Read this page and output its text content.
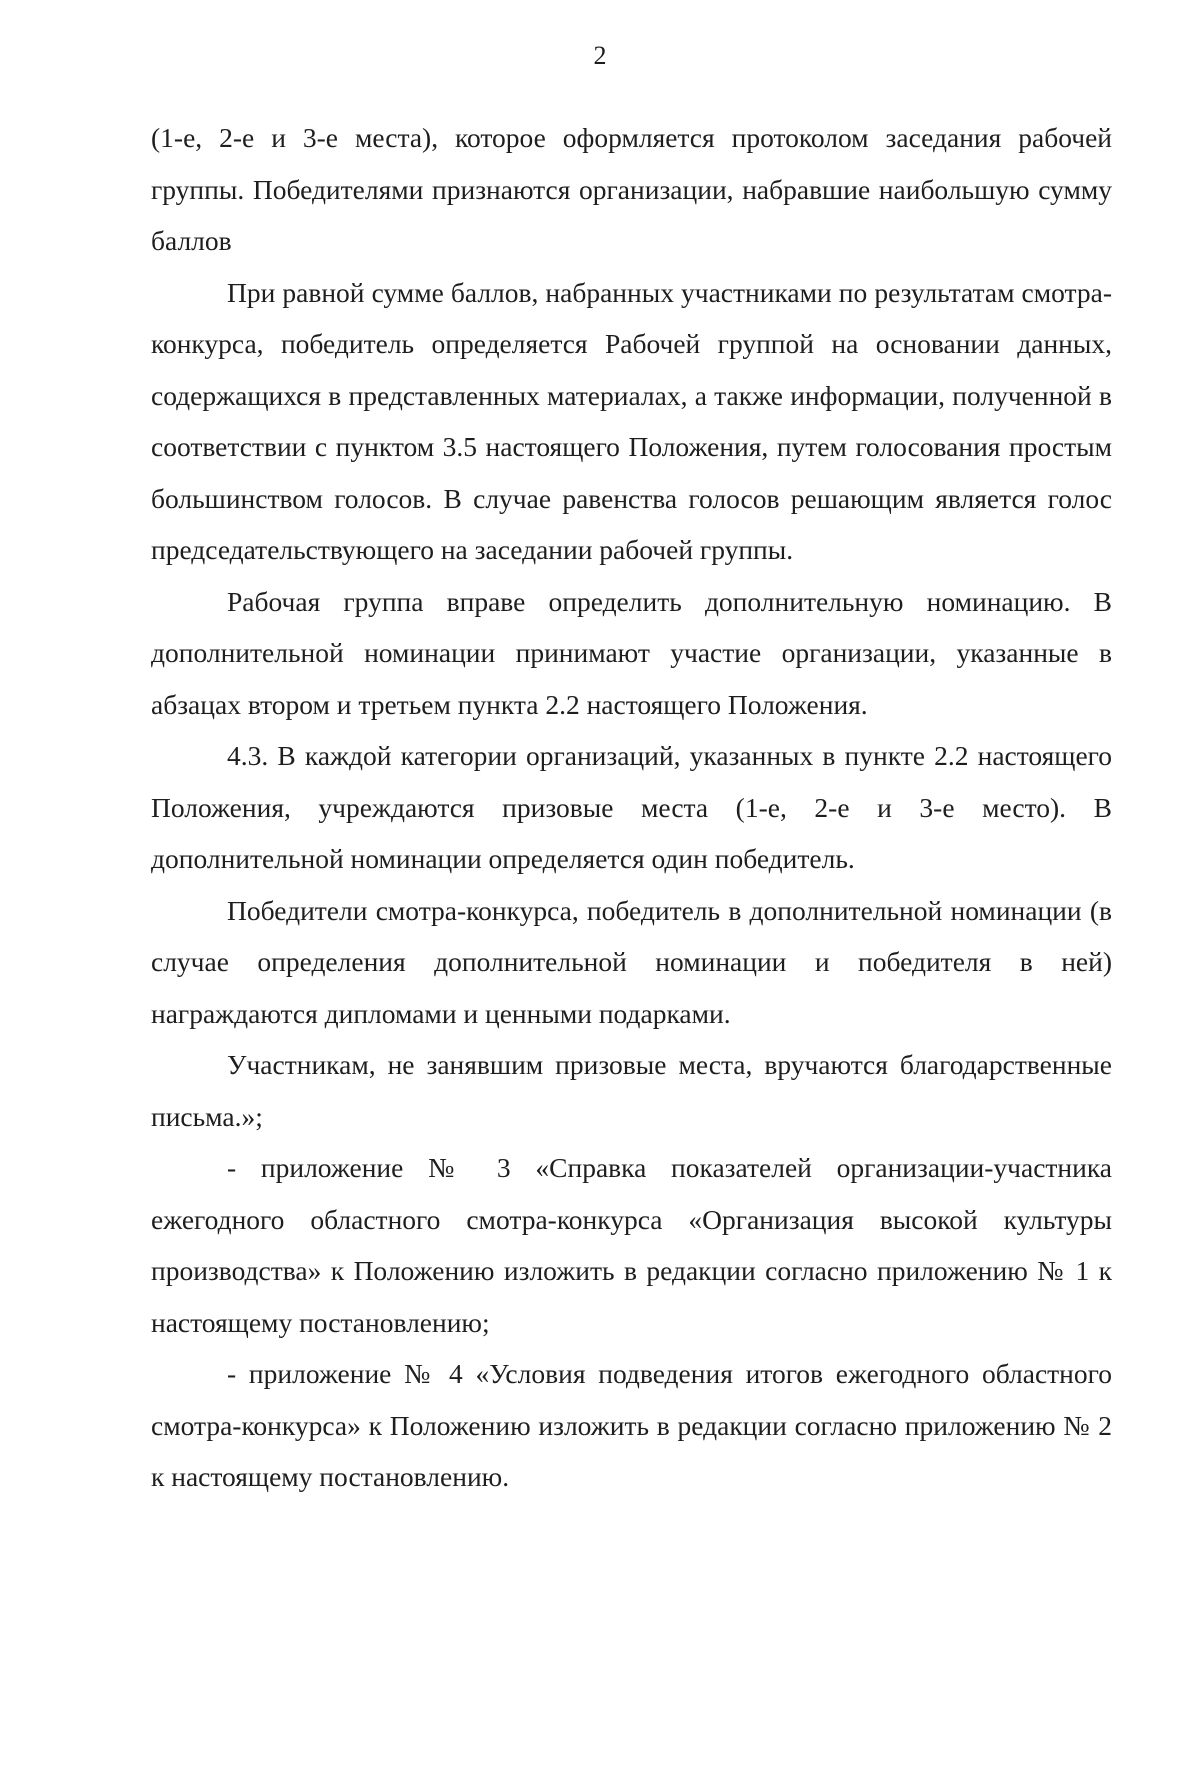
2

(1-е, 2-е и 3-е места), которое оформляется протоколом заседания рабочей группы. Победителями признаются организации, набравшие наибольшую сумму баллов

При равной сумме баллов, набранных участниками по результатам смотра-конкурса, победитель определяется Рабочей группой на основании данных, содержащихся в представленных материалах, а также информации, полученной в соответствии с пунктом 3.5 настоящего Положения, путем голосования простым большинством голосов. В случае равенства голосов решающим является голос председательствующего на заседании рабочей группы.

Рабочая группа вправе определить дополнительную номинацию. В дополнительной номинации принимают участие организации, указанные в абзацах втором и третьем пункта 2.2 настоящего Положения.

4.3. В каждой категории организаций, указанных в пункте 2.2 настоящего Положения, учреждаются призовые места (1-е, 2-е и 3-е место). В дополнительной номинации определяется один победитель.

Победители смотра-конкурса, победитель в дополнительной номинации (в случае определения дополнительной номинации и победителя в ней) награждаются дипломами и ценными подарками.

Участникам, не занявшим призовые места, вручаются благодарственные письма.»;

- приложение № 3 «Справка показателей организации-участника ежегодного областного смотра-конкурса «Организация высокой культуры производства» к Положению изложить в редакции согласно приложению № 1 к настоящему постановлению;

- приложение № 4 «Условия подведения итогов ежегодного областного смотра-конкурса» к Положению изложить в редакции согласно приложению № 2 к настоящему постановлению.
